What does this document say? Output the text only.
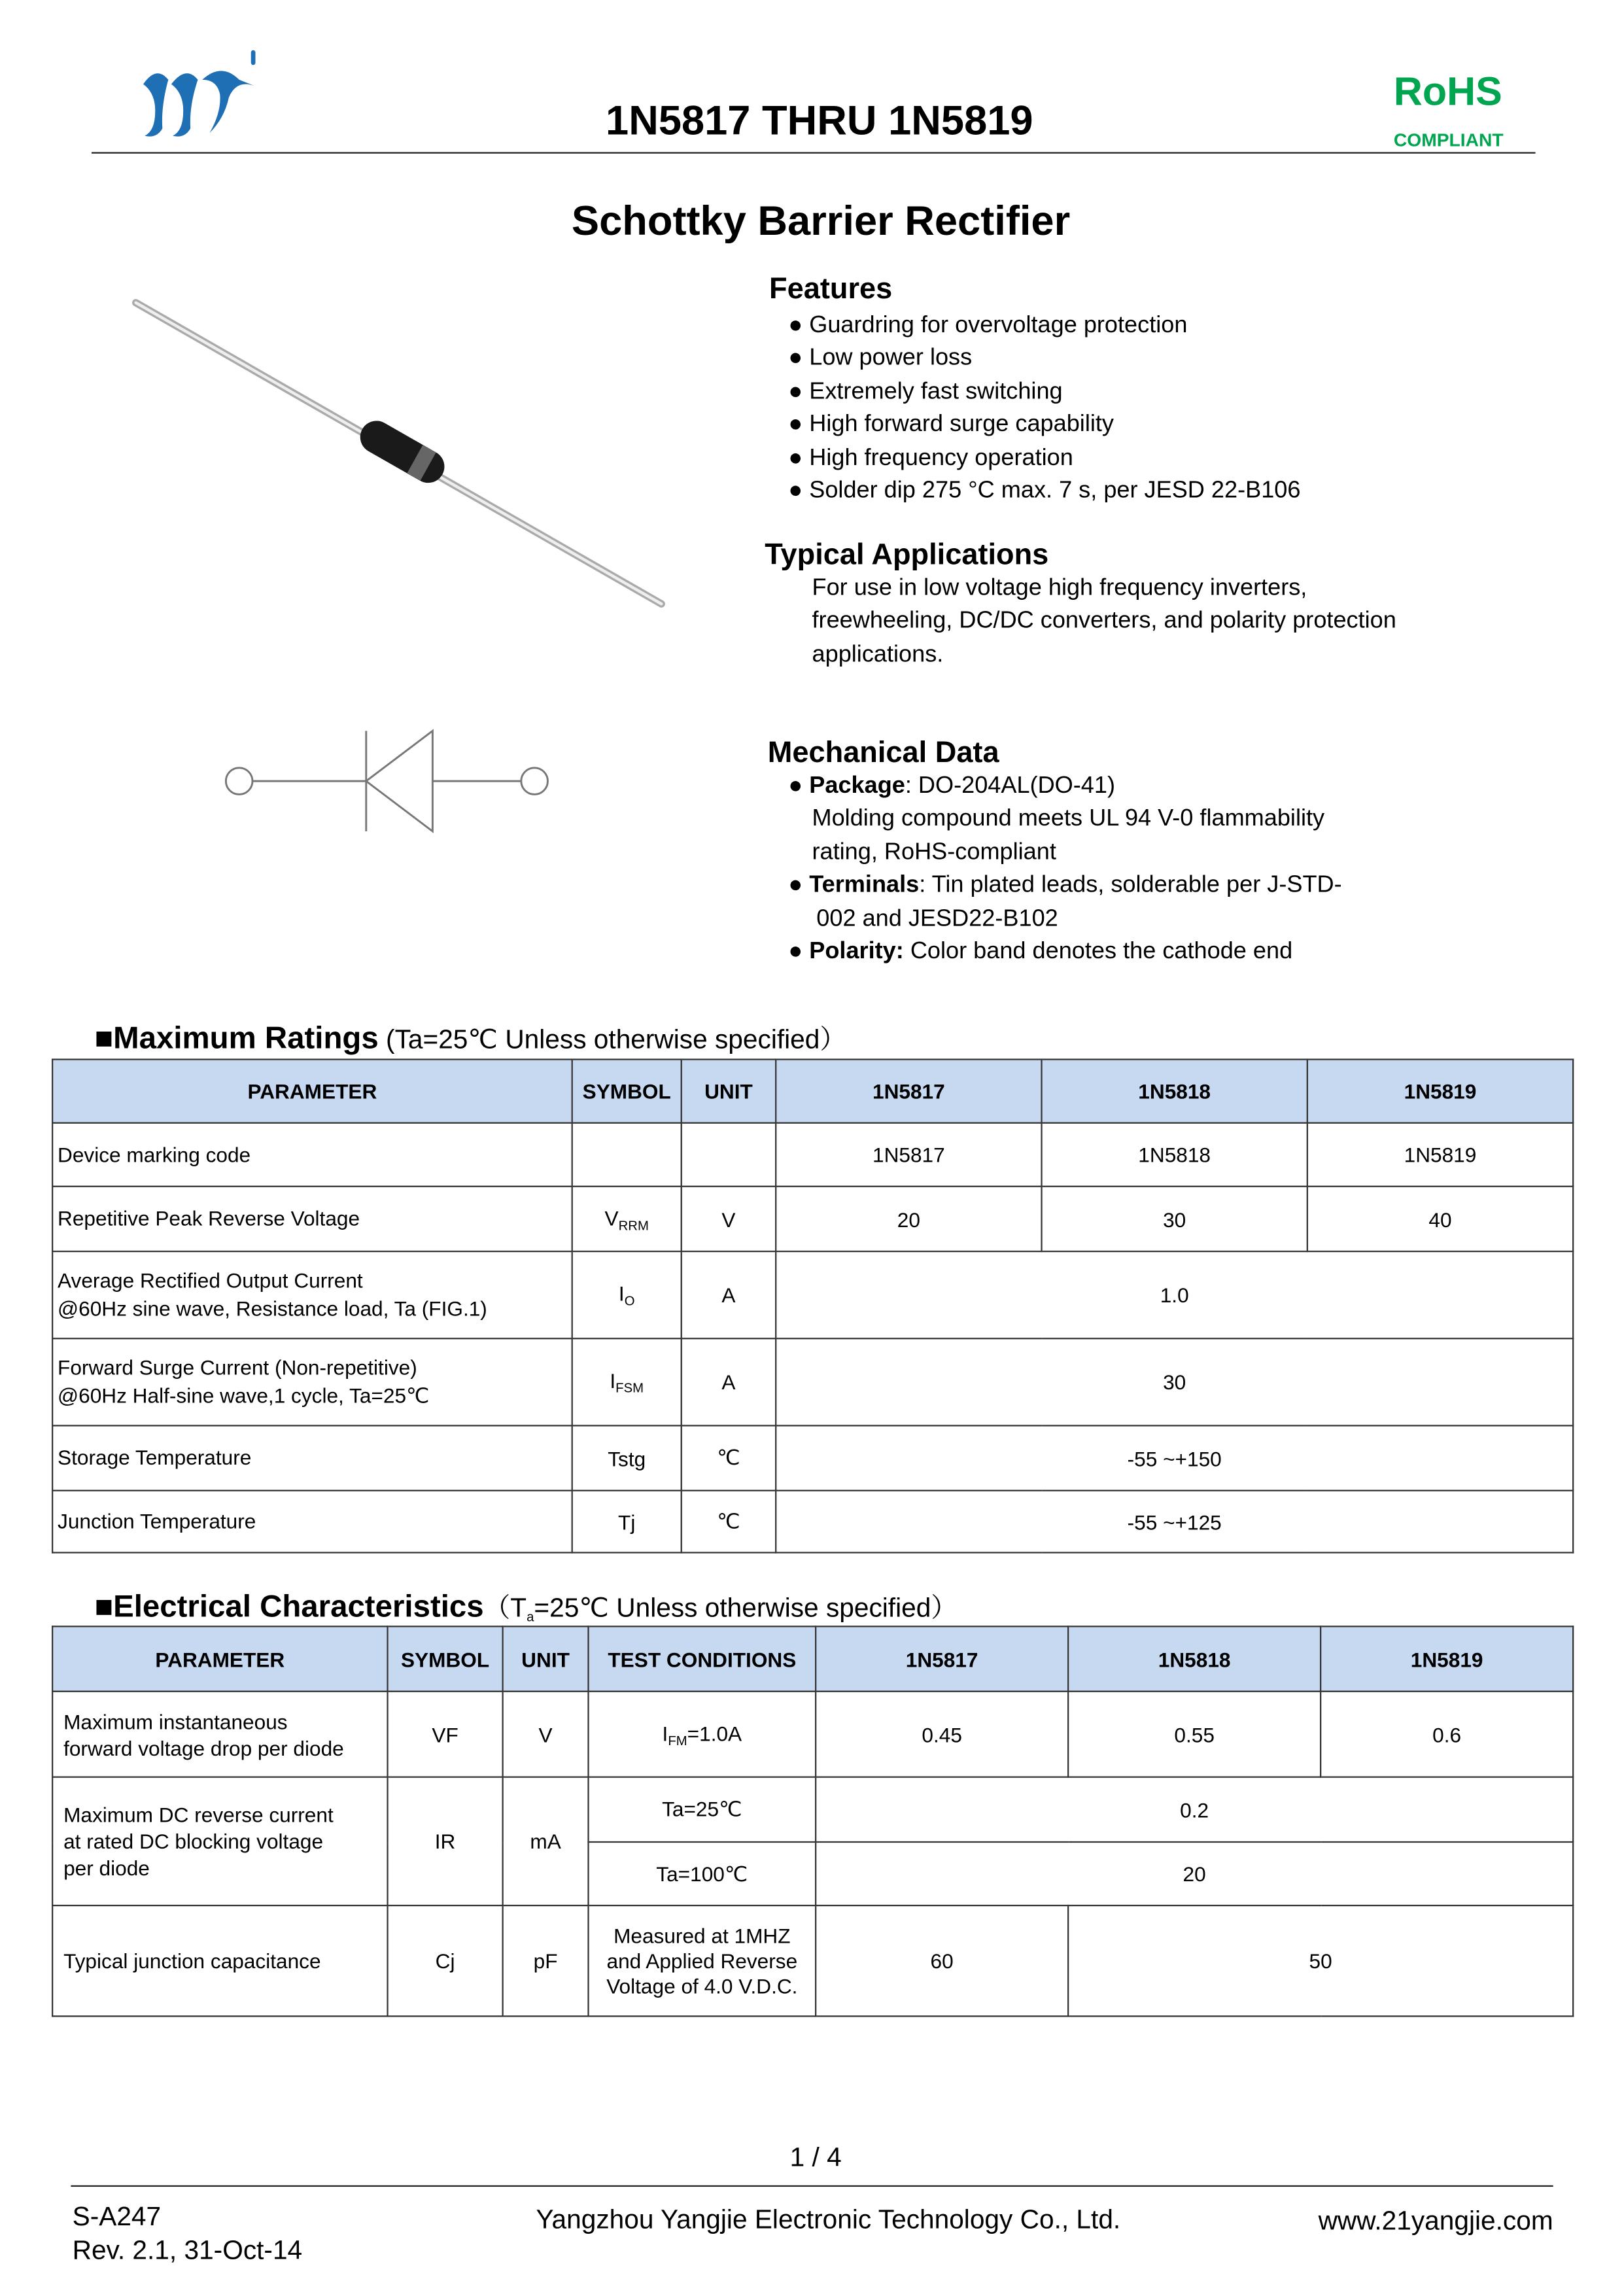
1N5817 THRU 1N5819
RoHS
COMPLIANT
Schottky Barrier Rectifier
Features
● Guardring for overvoltage protection
● Low power loss
● Extremely fast switching
● High forward surge capability
● High frequency operation
● Solder dip 275 °C max. 7 s, per JESD 22-B106
Typical Applications
For use in low voltage high frequency inverters,
freewheeling, DC/DC converters, and polarity protection
applications.
Mechanical Data
● Package: DO-204AL(DO-41)
Molding compound meets UL 94 V-0 flammability
rating, RoHS-compliant
● Terminals: Tin plated leads, solderable per J-STD-
002 and JESD22-B102
● Polarity: Color band denotes the cathode end
■Maximum Ratings (Ta=25℃ Unless otherwise specified）
PARAMETER	SYMBOL	UNIT	1N5817	1N5818	1N5819
Device marking code			1N5817	1N5818	1N5819
Repetitive Peak Reverse Voltage	$V_{RRM}$	V	20	30	40

Average Rectified Output Current
@60Hz sine wave, Resistance load, Ta (FIG.1)	$I_O$	A	1.0		

Forward Surge Current (Non-repetitive)
@60Hz Half-sine wave,1 cycle, Ta=25℃	$I_{FSM}$	A	30		
Storage Temperature	Tstg	℃	-55 ~+150		
Junction Temperature	Tj	℃	-55 ~+125		
■Electrical $Characteristics(T_a=25℃$ Unless otherwise specified）
PARAMETER	SYMBOL	UNIT	TEST CONDITIONS	1N5817	1N5818	1N5819

Maximum instantaneous
forward voltage drop per diode	VF	V	$I_{FM}=1.0A$	0.45	0.55	0.6

Maximum DC reverse current
at rated DC blocking voltage
per diode	IR	mA	Ta=25℃	0.2		
			Ta=100℃	20		
Typical junction capacitance	Cj	pF	Measured at 1MHZ
and Applied Reverse
Voltage of 4.0 V.D.C.	60	50	
1 / 4
S-A247
Rev. 2.1, 31-Oct-14
Yangzhou Yangjie Electronic Technology Co., Ltd.	www.21yangjie.com
